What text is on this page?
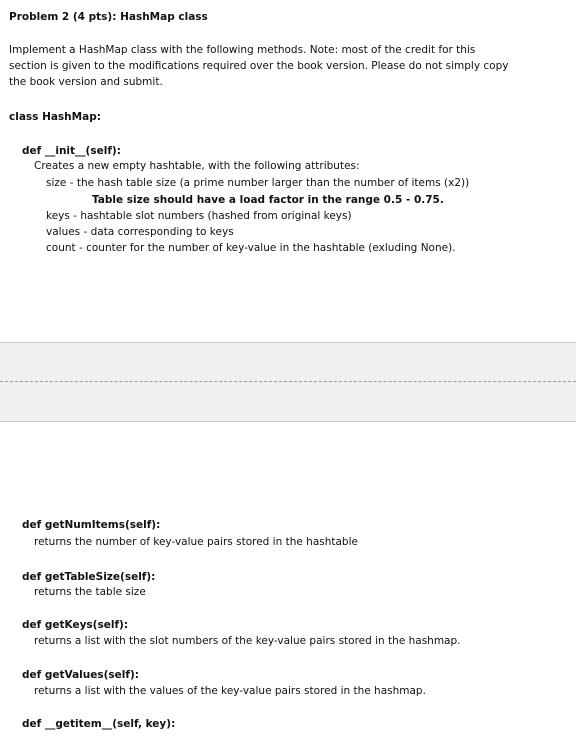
Problem 2 (4 pts): HashMap class
Implement a HashMap class with the following methods. Note: most of the credit for this
section is given to the modifications required over the book version. Please do not simply copy
the book version and submit.
class HashMap:
def __init__(self):
Creates a new empty hashtable, with the following attributes:
size - the hash table size (a prime number larger than the number of items (x2))
Table size should have a load factor in the range 0.5 - 0.75.
keys - hashtable slot numbers (hashed from original keys)
values - data corresponding to keys
count - counter for the number of key-value in the hashtable (exluding None).
def getNumItems(self):
returns the number of key-value pairs stored in the hashtable
def getTableSize(self):
returns the table size
def getKeys(self):
returns a list with the slot numbers of the key-value pairs stored in the hashmap.
def getValues(self):
returns a list with the values of the key-value pairs stored in the hashmap.
def __getitem__(self, key):
